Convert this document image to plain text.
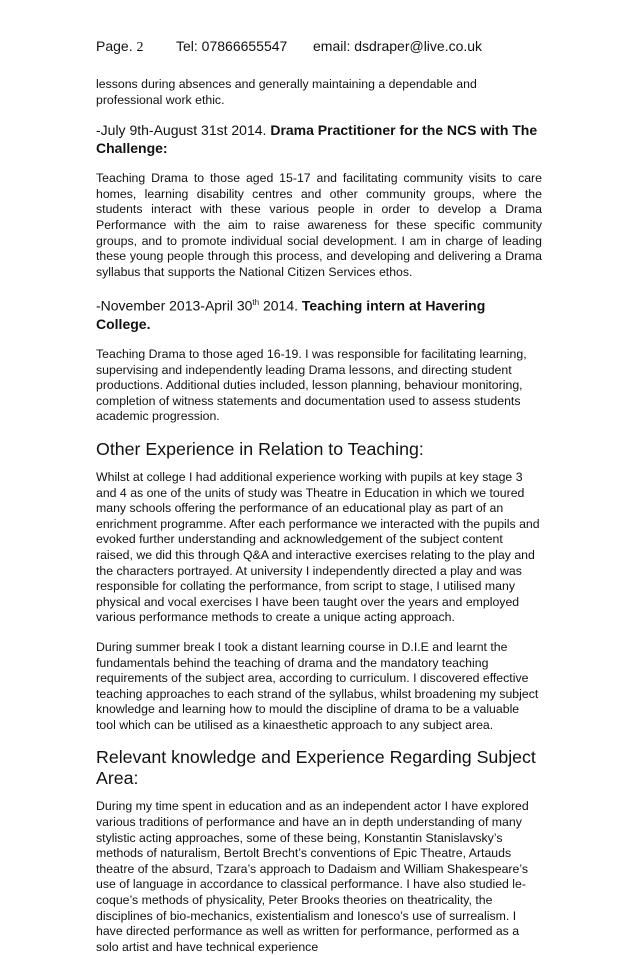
Page. 2 Tel: 07866655547 email: dsdraper@live.co.uk

lessons during absences and generally maintaining a dependable and professional work ethic.

-July 9th-August 31st 2014. Drama Practitioner for the NCS with The Challenge:

Teaching Drama to those aged 15-17 and facilitating community visits to care homes, learning disability centres and other community groups, where the students interact with these various people in order to develop a Drama Performance with the aim to raise awareness for these specific community groups, and to promote individual social development. I am in charge of leading these young people through this process, and developing and delivering a Drama syllabus that supports the National Citizen Services ethos.

-November 2013-April 30th 2014. Teaching intern at Havering College.

Teaching Drama to those aged 16-19. I was responsible for facilitating learning, supervising and independently leading Drama lessons, and directing student productions. Additional duties included, lesson planning, behaviour monitoring, completion of witness statements and documentation used to assess students academic progression.

Other Experience in Relation to Teaching:

Whilst at college I had additional experience working with pupils at key stage 3 and 4 as one of the units of study was Theatre in Education in which we toured many schools offering the performance of an educational play as part of an enrichment programme. After each performance we interacted with the pupils and evoked further understanding and acknowledgement of the subject content raised, we did this through Q&A and interactive exercises relating to the play and the characters portrayed. At university I independently directed a play and was responsible for collating the performance, from script to stage, I utilised many physical and vocal exercises I have been taught over the years and employed various performance methods to create a unique acting approach.

During summer break I took a distant learning course in D.I.E and learnt the fundamentals behind the teaching of drama and the mandatory teaching requirements of the subject area, according to curriculum. I discovered effective teaching approaches to each strand of the syllabus, whilst broadening my subject knowledge and learning how to mould the discipline of drama to be a valuable tool which can be utilised as a kinaesthetic approach to any subject area.

Relevant knowledge and Experience Regarding Subject Area:

During my time spent in education and as an independent actor I have explored various traditions of performance and have an in depth understanding of many stylistic acting approaches, some of these being, Konstantin Stanislavsky’s methods of naturalism, Bertolt Brecht’s conventions of Epic Theatre, Artauds theatre of the absurd, Tzara’s approach to Dadaism and William Shakespeare’s use of language in accordance to classical performance. I have also studied le- coque’s methods of physicality, Peter Brooks theories on theatricality, the disciplines of bio-mechanics, existentialism and Ionesco’s use of surrealism. I have directed performance as well as written for performance, performed as a solo artist and have technical experience
